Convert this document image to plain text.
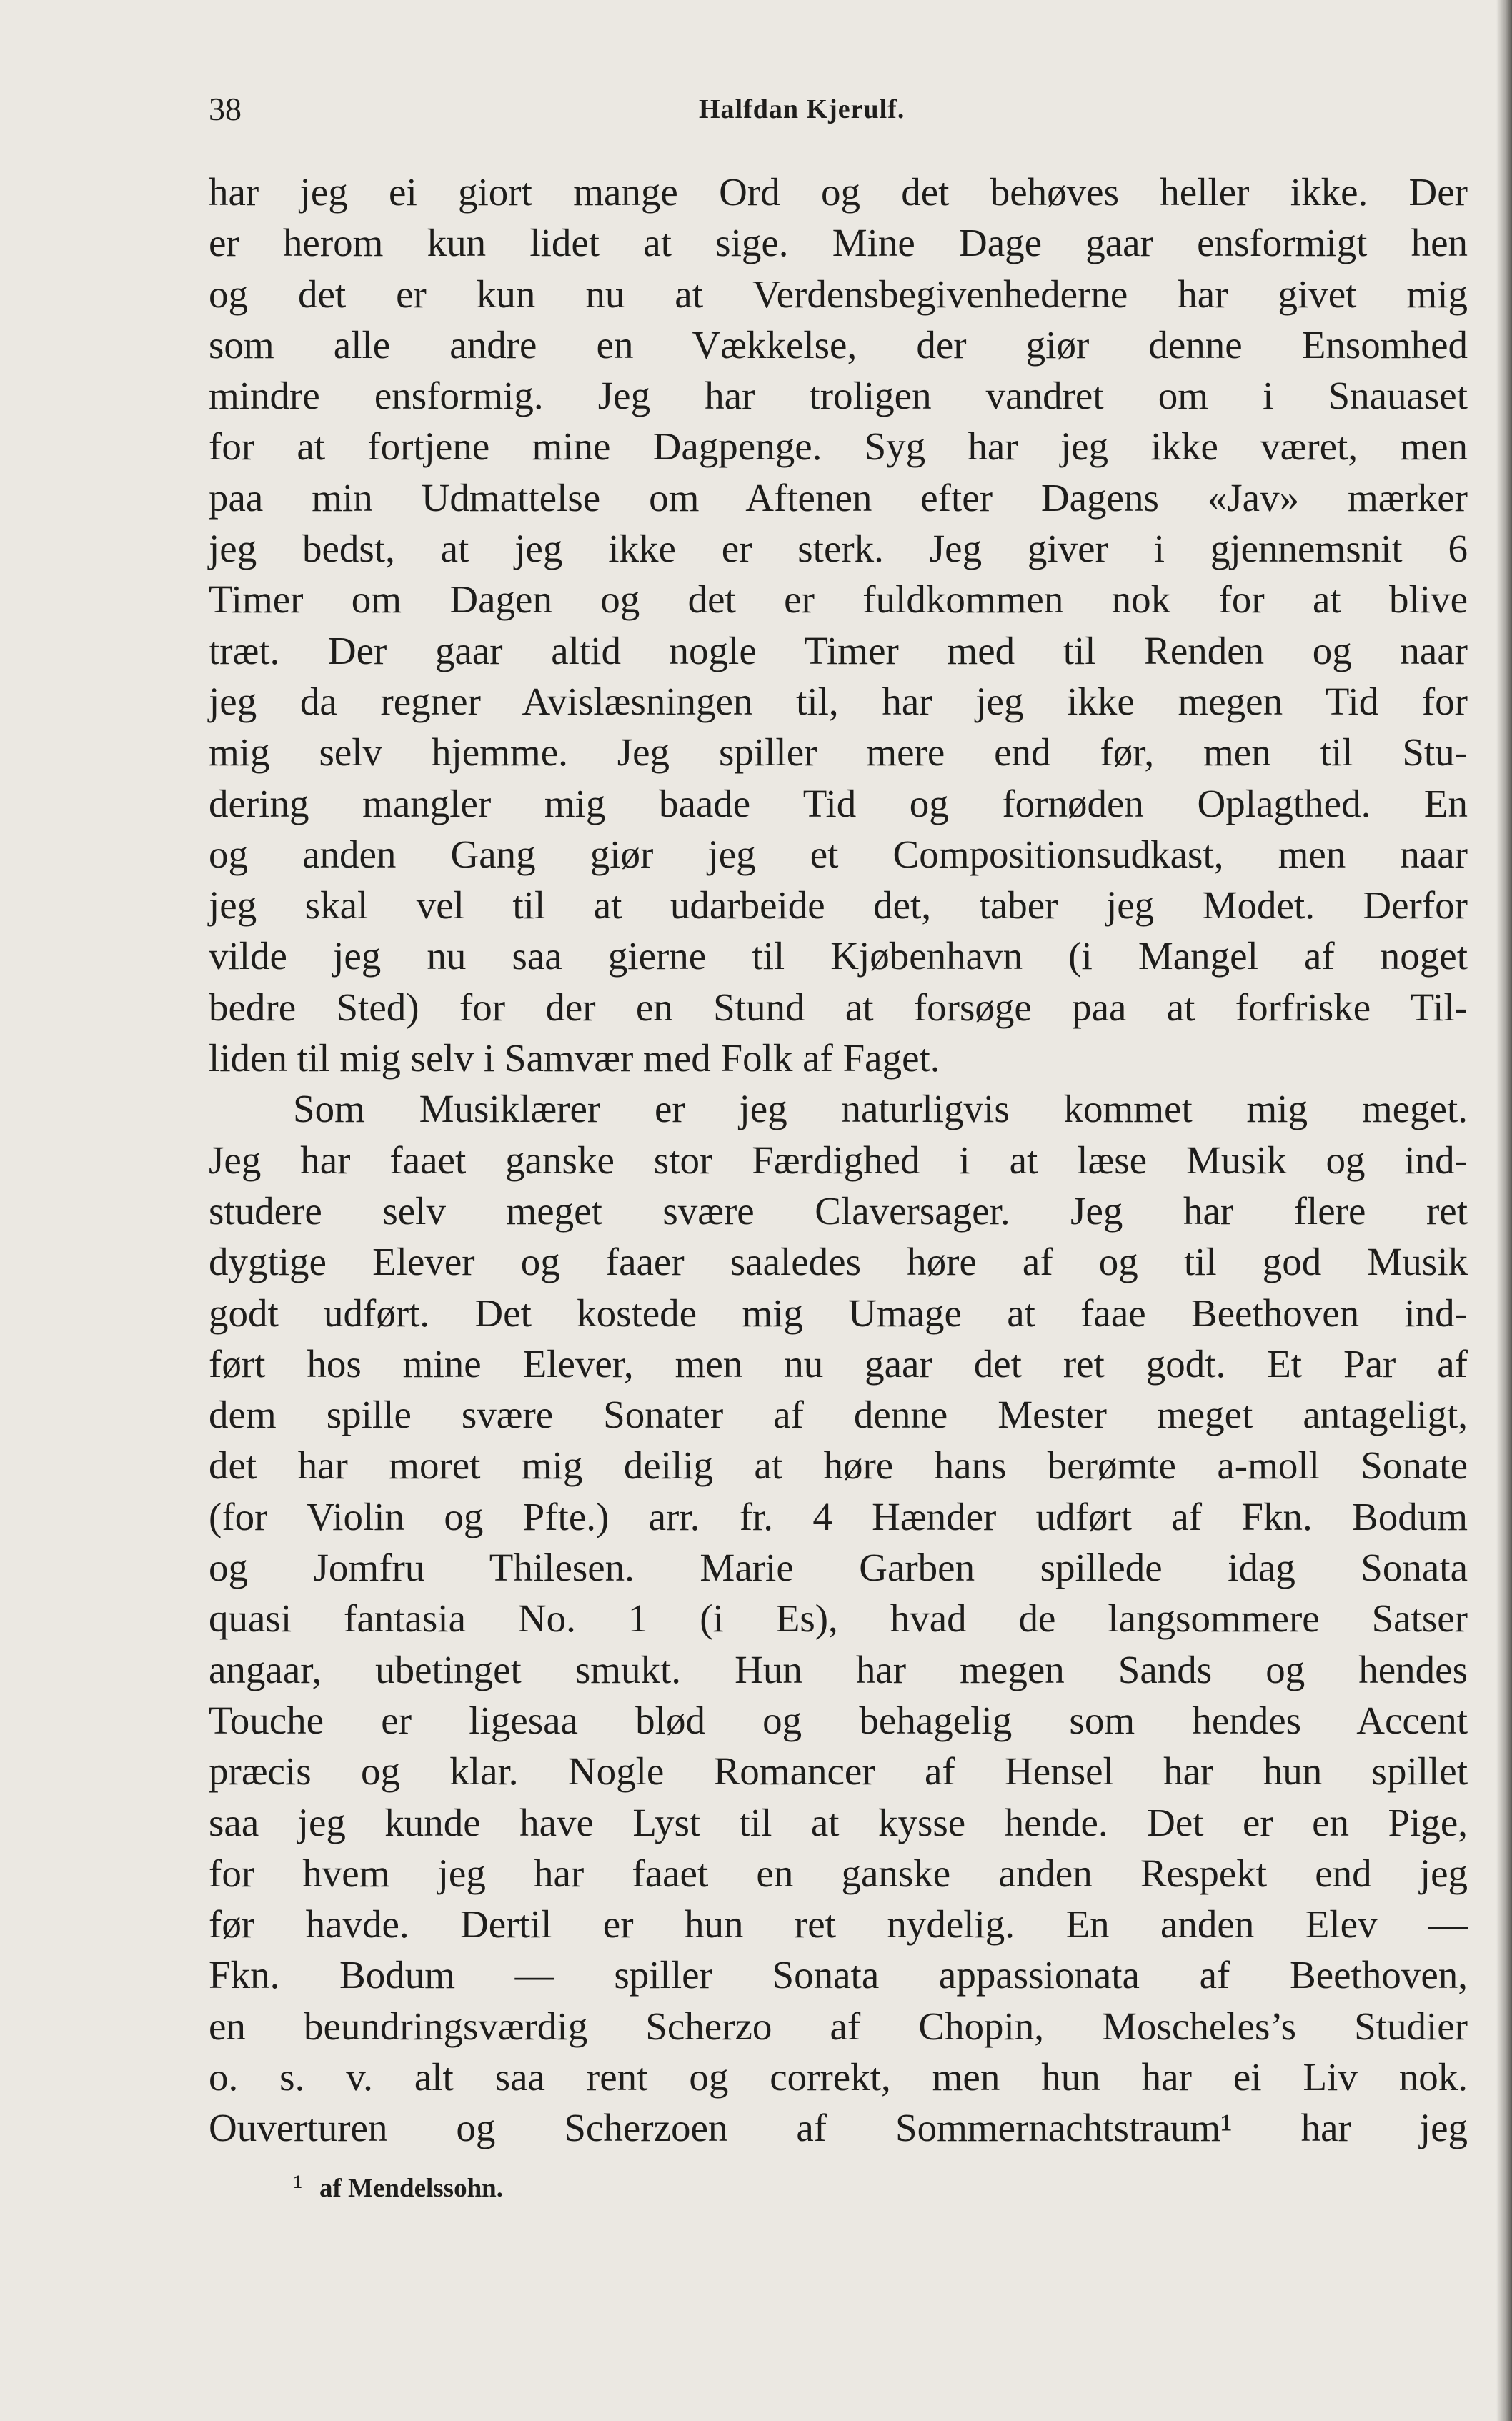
38	Halfdan Kjerulf.
har jeg ei giort mange Ord og det behøves heller ikke. Der
er herom kun lidet at sige. Mine Dage gaar ensformigt hen
og det er kun nu at Verdensbegivenhederne har givet mig
som alle andre en Vækkelse, der giør denne Ensomhed
mindre ensformig. Jeg har troligen vandret om i Snauaset
for at fortjene mine Dagpenge. Syg har jeg ikke været, men
paa min Udmattelse om Aftenen efter Dagens «Jav» mærker
jeg bedst, at jeg ikke er sterk. Jeg giver i gjennemsnit 6
Timer om Dagen og det er fuldkommen nok for at blive
træt. Der gaar altid nogle Timer med til Renden og naar
jeg da regner Avislæsningen til, har jeg ikke megen Tid for
mig selv hjemme. Jeg spiller mere end før, men til Stu-
dering mangler mig baade Tid og fornøden Oplagthed. En
og anden Gang giør jeg et Compositionsudkast, men naar
jeg skal vel til at udarbeide det, taber jeg Modet. Derfor
vilde jeg nu saa gierne til Kjøbenhavn (i Mangel af noget
bedre Sted) for der en Stund at forsøge paa at forfriske Til-
liden til mig selv i Samvær med Folk af Faget.
Som Musiklærer er jeg naturligvis kommet mig meget.
Jeg har faaet ganske stor Færdighed i at læse Musik og ind-
studere selv meget svære Claversager. Jeg har flere ret
dygtige Elever og faaer saaledes høre af og til god Musik
godt udført. Det kostede mig Umage at faae Beethoven ind-
ført hos mine Elever, men nu gaar det ret godt. Et Par af
dem spille svære Sonater af denne Mester meget antageligt,
det har moret mig deilig at høre hans berømte a-moll Sonate
(for Violin og Pfte.) arr. fr. 4 Hænder udført af Fkn. Bodum
og Jomfru Thilesen. Marie Garben spillede idag Sonata
quasi fantasia No. 1 (i Es), hvad de langsommere Satser
angaar, ubetinget smukt. Hun har megen Sands og hendes
Touche er ligesaa blød og behagelig som hendes Accent
præcis og klar. Nogle Romancer af Hensel har hun spillet
saa jeg kunde have Lyst til at kysse hende. Det er en Pige,
for hvem jeg har faaet en ganske anden Respekt end jeg
før havde. Dertil er hun ret nydelig. En anden Elev —
Fkn. Bodum — spiller Sonata appassionata af Beethoven,
en beundringsværdig Scherzo af Chopin, Moscheles’s Studier
o. s. v. alt saa rent og correkt, men hun har ei Liv nok.
Ouverturen og Scherzoen af Sommernachtstraum¹ har jeg
1 af Mendelssohn.
